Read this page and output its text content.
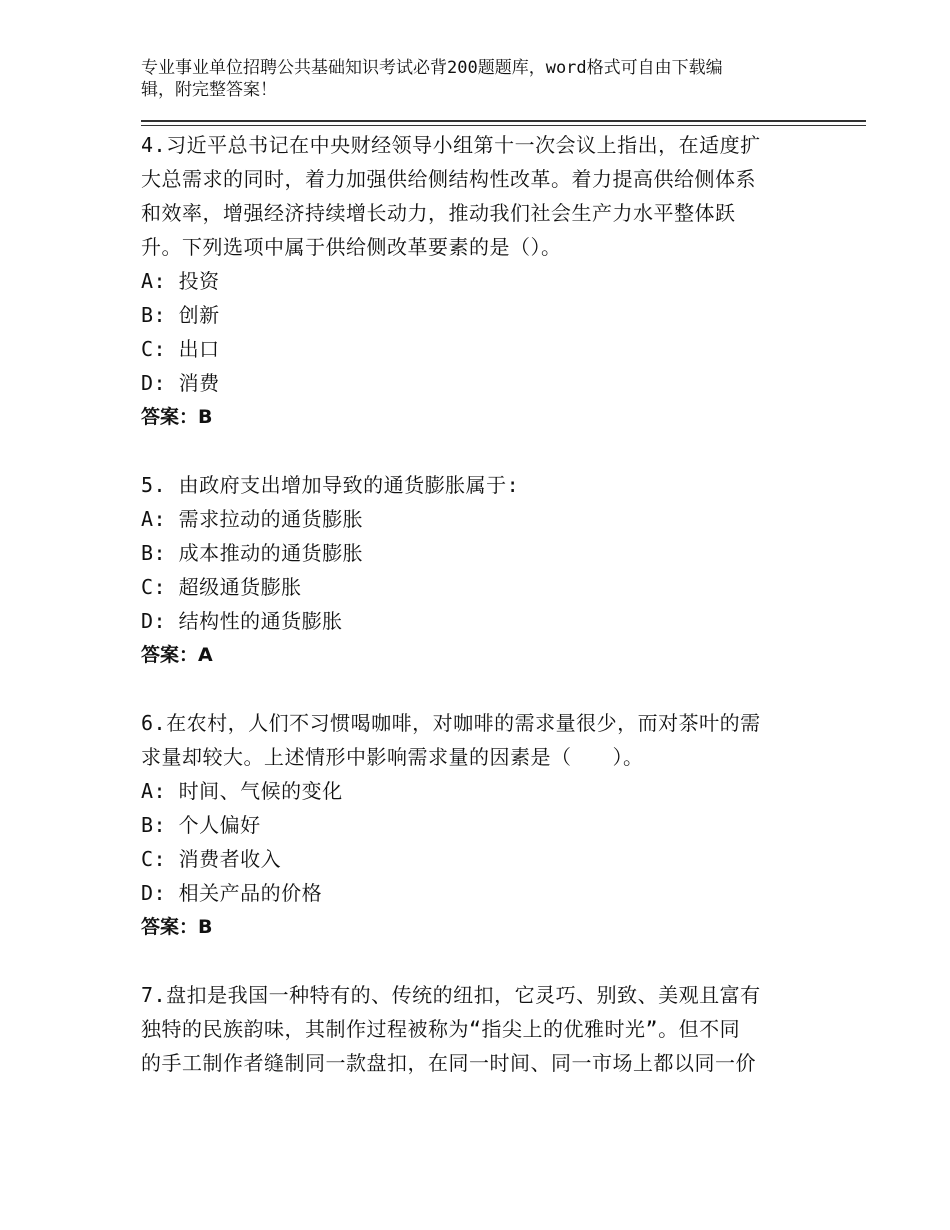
专业事业单位招聘公共基础知识考试必背200题题库，word格式可自由下载编
辑，附完整答案！
4.习近平总书记在中央财经领导小组第十一次会议上指出，在适度扩
大总需求的同时，着力加强供给侧结构性改革。着力提高供给侧体系
和效率，增强经济持续增长动力，推动我们社会生产力水平整体跃
升。下列选项中属于供给侧改革要素的是（）。
A: 投资
B: 创新
C: 出口
D: 消费
答案：B
5. 由政府支出增加导致的通货膨胀属于:
A: 需求拉动的通货膨胀
B: 成本推动的通货膨胀
C: 超级通货膨胀
D: 结构性的通货膨胀
答案：A
6.在农村，人们不习惯喝咖啡，对咖啡的需求量很少，而对茶叶的需
求量却较大。上述情形中影响需求量的因素是（　　）。
A: 时间、气候的变化
B: 个人偏好
C: 消费者收入
D: 相关产品的价格
答案：B
7.盘扣是我国一种特有的、传统的纽扣，它灵巧、别致、美观且富有
独特的民族韵味，其制作过程被称为“指尖上的优雅时光”。但不同
的手工制作者缝制同一款盘扣，在同一时间、同一市场上都以同一价
